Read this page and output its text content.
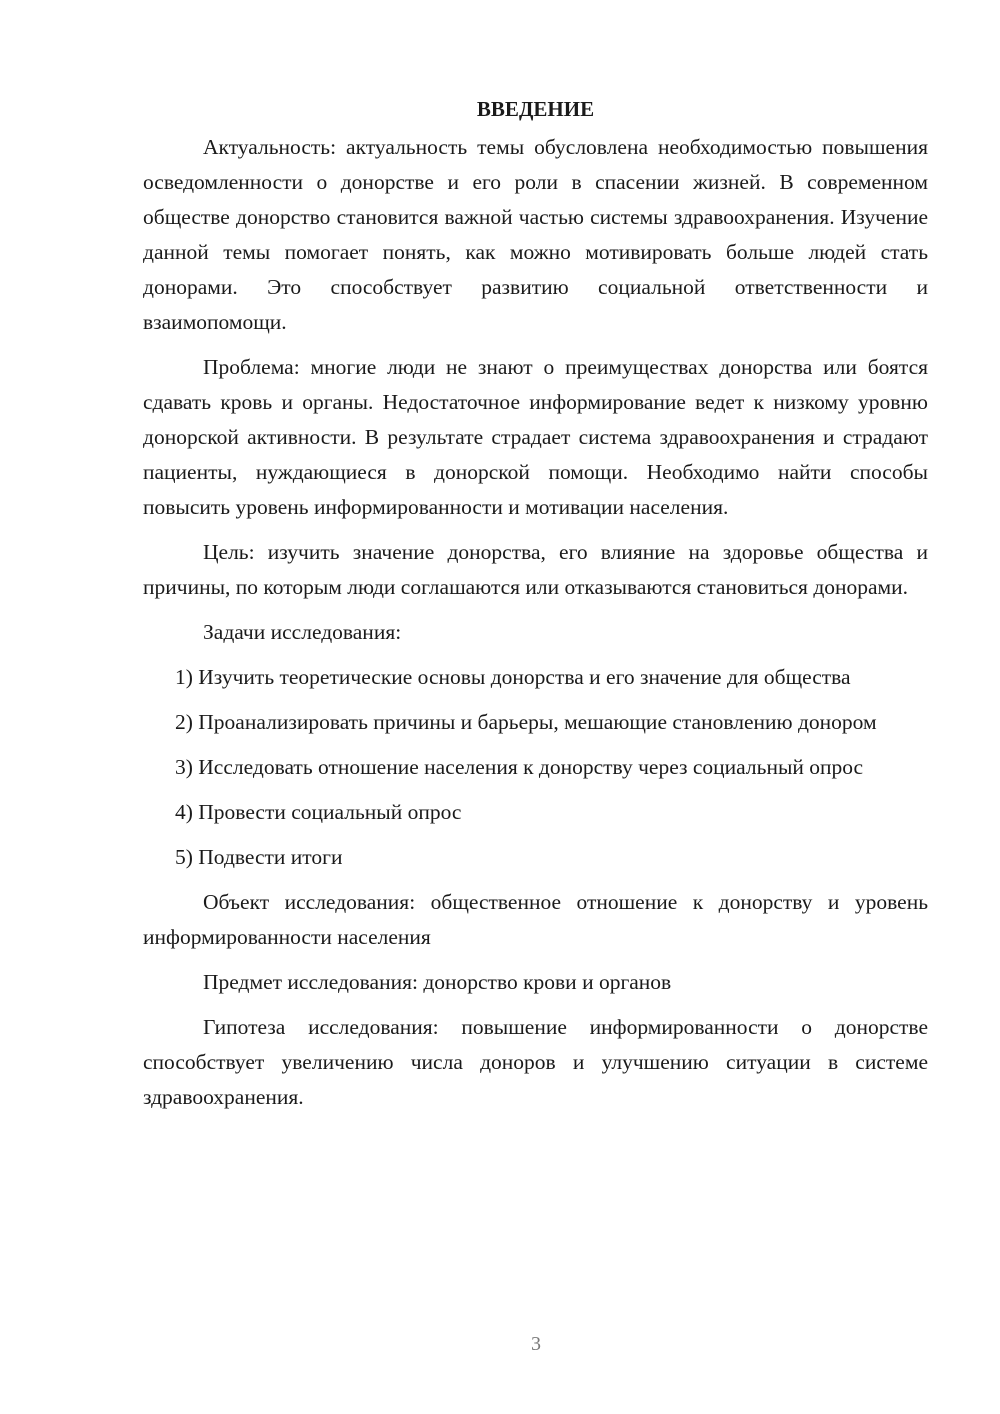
ВВЕДЕНИЕ

Актуальность: актуальность темы обусловлена необходимостью повышения осведомленности о донорстве и его роли в спасении жизней. В современном обществе донорство становится важной частью системы здравоохранения. Изучение данной темы помогает понять, как можно мотивировать больше людей стать донорами. Это способствует развитию социальной ответственности и взаимопомощи.

Проблема: многие люди не знают о преимуществах донорства или боятся сдавать кровь и органы. Недостаточное информирование ведет к низкому уровню донорской активности. В результате страдает система здравоохранения и страдают пациенты, нуждающиеся в донорской помощи. Необходимо найти способы повысить уровень информированности и мотивации населения.

Цель: изучить значение донорства, его влияние на здоровье общества и причины, по которым люди соглашаются или отказываются становиться донорами.

Задачи исследования:

1) Изучить теоретические основы донорства и его значение для общества

2) Проанализировать причины и барьеры, мешающие становлению донором

3) Исследовать отношение населения к донорству через социальный опрос

4) Провести социальный опрос

5) Подвести итоги

Объект исследования: общественное отношение к донорству и уровень информированности населения

Предмет исследования: донорство крови и органов

Гипотеза исследования: повышение информированности о донорстве способствует увеличению числа доноров и улучшению ситуации в системе здравоохранения.

3
